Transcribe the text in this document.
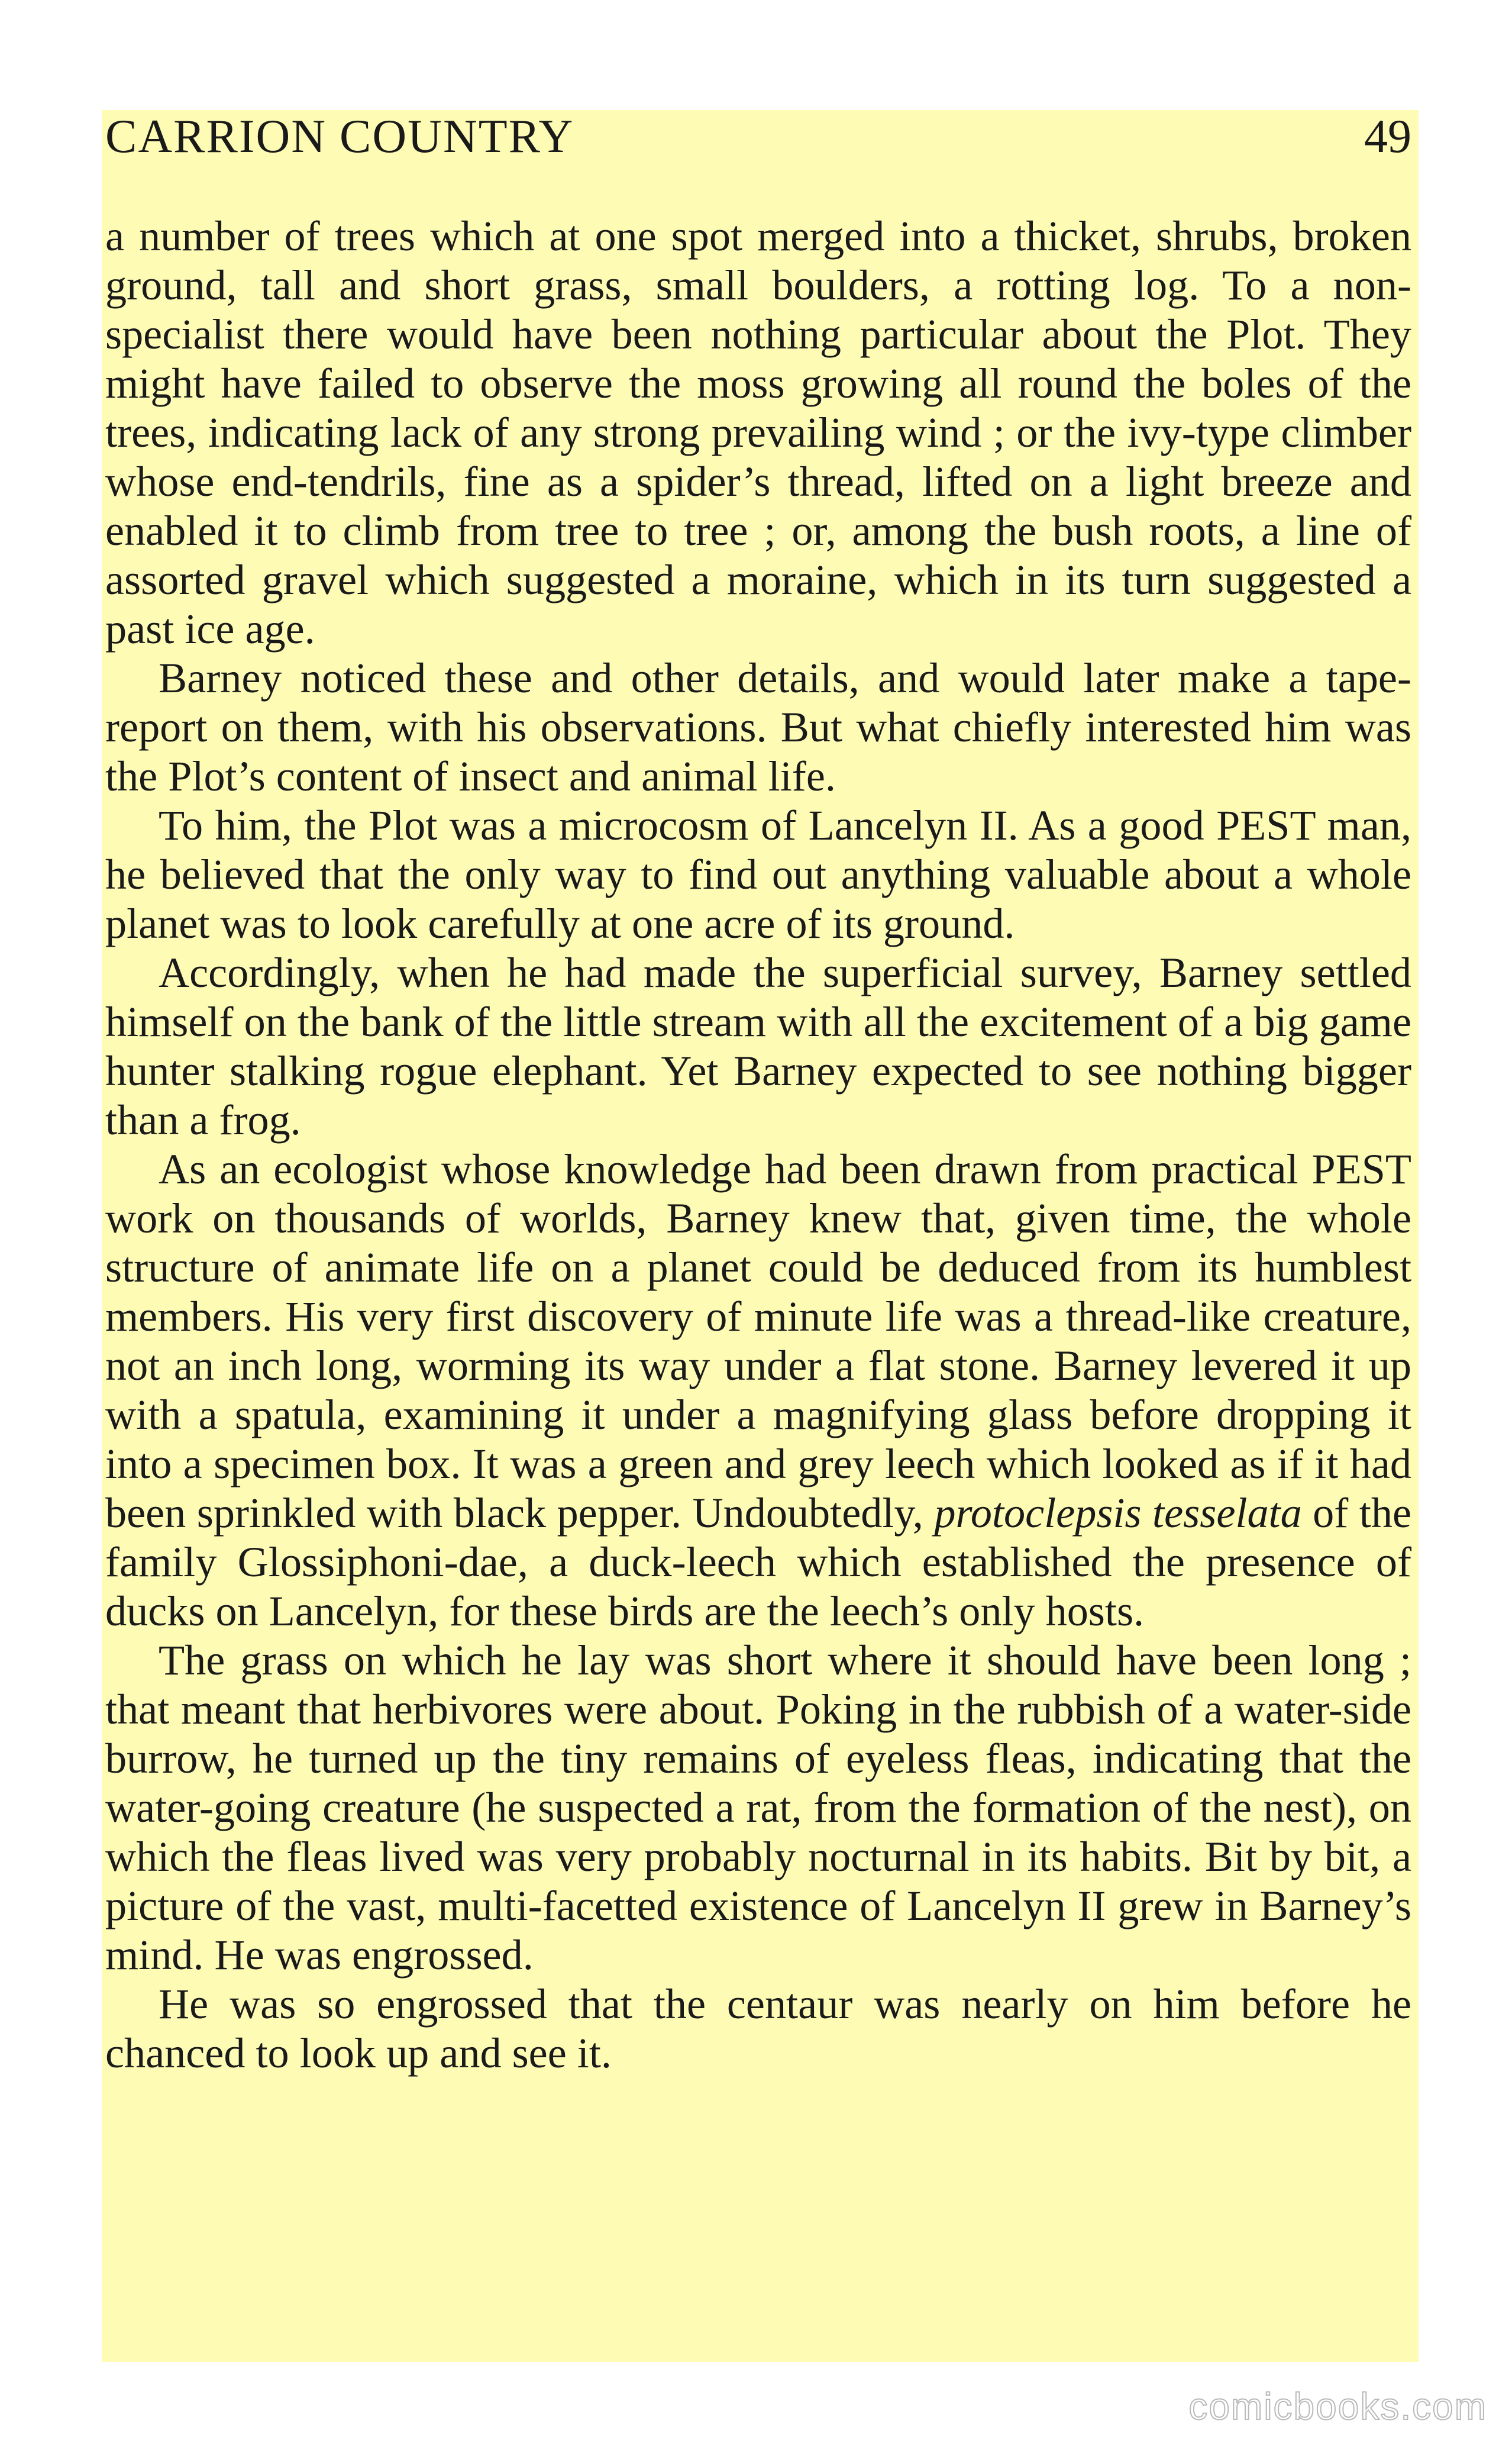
CARRION COUNTRY	49

a number of trees which at one spot merged into a thicket, shrubs, broken ground, tall and short grass, small boulders, a rotting log. To a non-specialist there would have been nothing particular about the Plot. They might have failed to observe the moss growing all round the boles of the trees, indicating lack of any strong prevailing wind ; or the ivy-type climber whose end-tendrils, fine as a spider’s thread, lifted on a light breeze and enabled it to climb from tree to tree ; or, among the bush roots, a line of assorted gravel which suggested a moraine, which in its turn suggested a past ice age.

Barney noticed these and other details, and would later make a tape-report on them, with his observations. But what chiefly interested him was the Plot’s content of insect and animal life.

To him, the Plot was a microcosm of Lancelyn II. As a good PEST man, he believed that the only way to find out anything valuable about a whole planet was to look carefully at one acre of its ground.

Accordingly, when he had made the superficial survey, Barney settled himself on the bank of the little stream with all the excitement of a big game hunter stalking rogue elephant. Yet Barney expected to see nothing bigger than a frog.

As an ecologist whose knowledge had been drawn from practical PEST work on thousands of worlds, Barney knew that, given time, the whole structure of animate life on a planet could be deduced from its humblest members. His very first discovery of minute life was a thread-like creature, not an inch long, worming its way under a flat stone. Barney levered it up with a spatula, examining it under a magnifying glass before dropping it into a specimen box. It was a green and grey leech which looked as if it had been sprinkled with black pepper. Undoubtedly, protoclepsis tesselata of the family Glossiphoni-dae, a duck-leech which established the presence of ducks on Lancelyn, for these birds are the leech’s only hosts.

The grass on which he lay was short where it should have been long ; that meant that herbivores were about. Poking in the rubbish of a water-side burrow, he turned up the tiny remains of eyeless fleas, indicating that the water-going creature (he suspected a rat, from the formation of the nest), on which the fleas lived was very probably nocturnal in its habits. Bit by bit, a picture of the vast, multi-facetted existence of Lancelyn II grew in Barney’s mind. He was engrossed.

He was so engrossed that the centaur was nearly on him before he chanced to look up and see it.

comicbooks.com
